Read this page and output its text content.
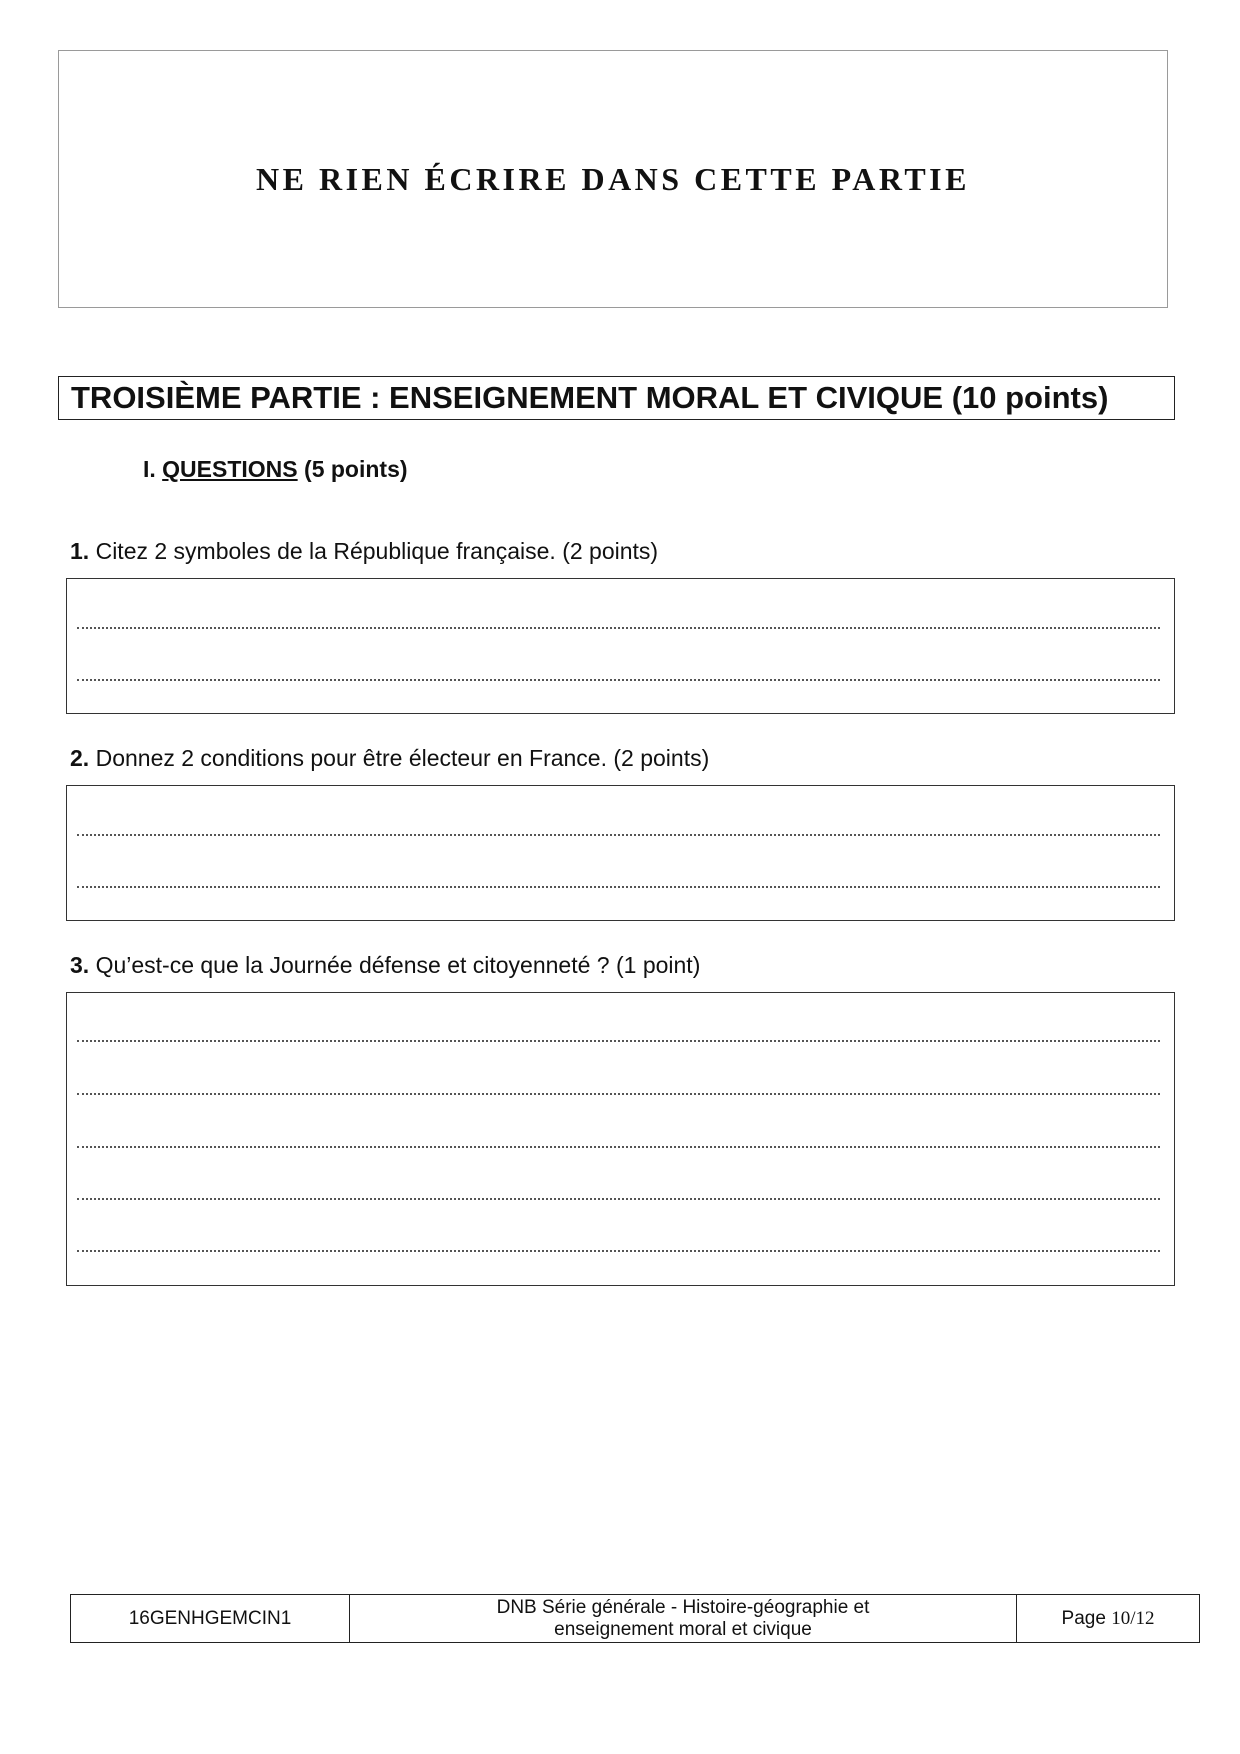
NE RIEN ÉCRIRE DANS CETTE PARTIE
TROISIÈME PARTIE : ENSEIGNEMENT MORAL ET CIVIQUE (10 points)
I. QUESTIONS (5 points)
1. Citez 2 symboles de la République française. (2 points)
2. Donnez 2 conditions pour être électeur en France. (2 points)
3. Qu’est-ce que la Journée défense et citoyenneté ? (1 point)
16GENHGEMCIN1
DNB Série générale - Histoire-géographie et
enseignement moral et civique
Page
10/12
